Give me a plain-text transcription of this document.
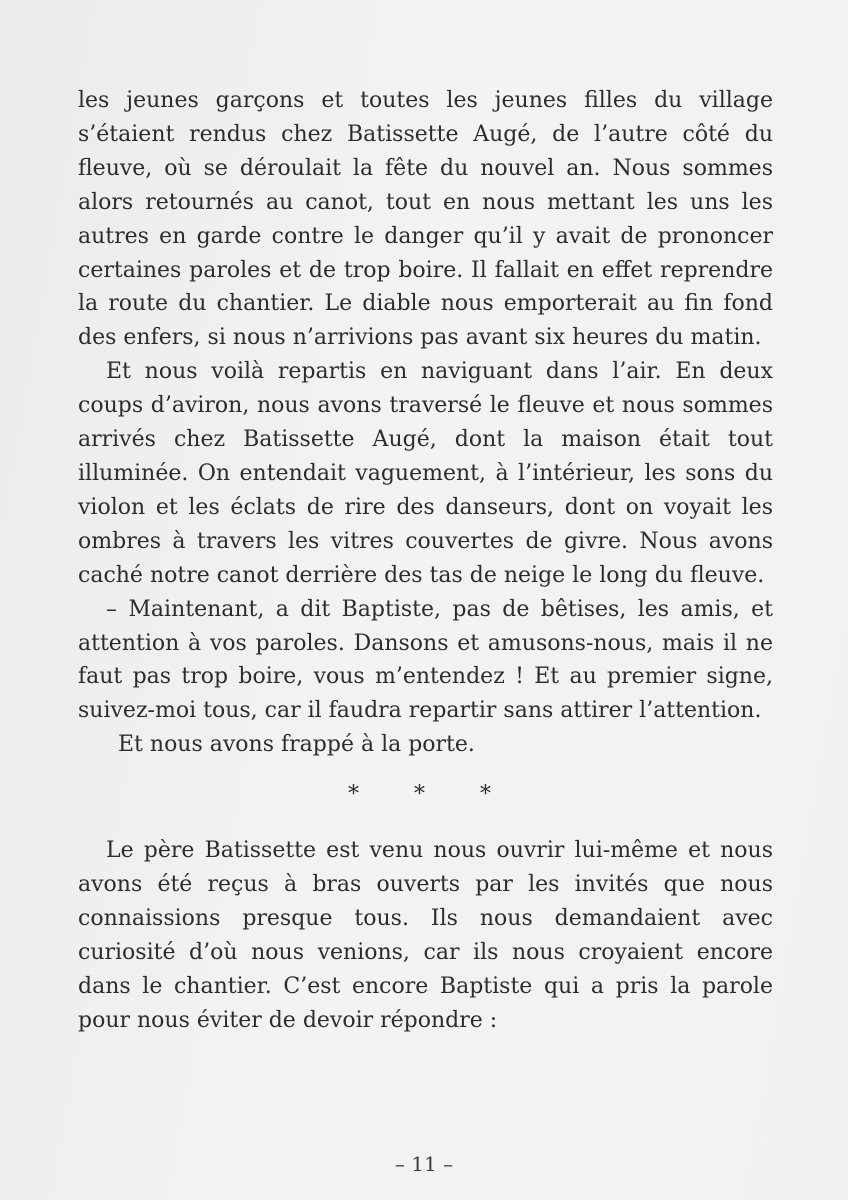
les jeunes garçons et toutes les jeunes filles du village s’étaient rendus chez Batissette Augé, de l’autre côté du fleuve, où se déroulait la fête du nouvel an. Nous sommes alors retournés au canot, tout en nous mettant les uns les autres en garde contre le danger qu’il y avait de prononcer certaines paroles et de trop boire. Il fallait en effet reprendre la route du chantier. Le diable nous emporterait au fin fond des enfers, si nous n’arrivions pas avant six heures du matin.

Et nous voilà repartis en naviguant dans l’air. En deux coups d’aviron, nous avons traversé le fleuve et nous sommes arrivés chez Batissette Augé, dont la maison était tout illuminée. On entendait vaguement, à l’intérieur, les sons du violon et les éclats de rire des danseurs, dont on voyait les ombres à travers les vitres couvertes de givre. Nous avons caché notre canot derrière des tas de neige le long du fleuve.

– Maintenant, a dit Baptiste, pas de bêtises, les amis, et attention à vos paroles. Dansons et amusons-nous, mais il ne faut pas trop boire, vous m’entendez ! Et au premier signe, suivez-moi tous, car il faudra repartir sans attirer l’attention.

Et nous avons frappé à la porte.

* * *

Le père Batissette est venu nous ouvrir lui-même et nous avons été reçus à bras ouverts par les invités que nous connaissions presque tous. Ils nous demandaient avec curiosité d’où nous venions, car ils nous croyaient encore dans le chantier. C’est encore Baptiste qui a pris la parole pour nous éviter de devoir répondre :

– 11 –
